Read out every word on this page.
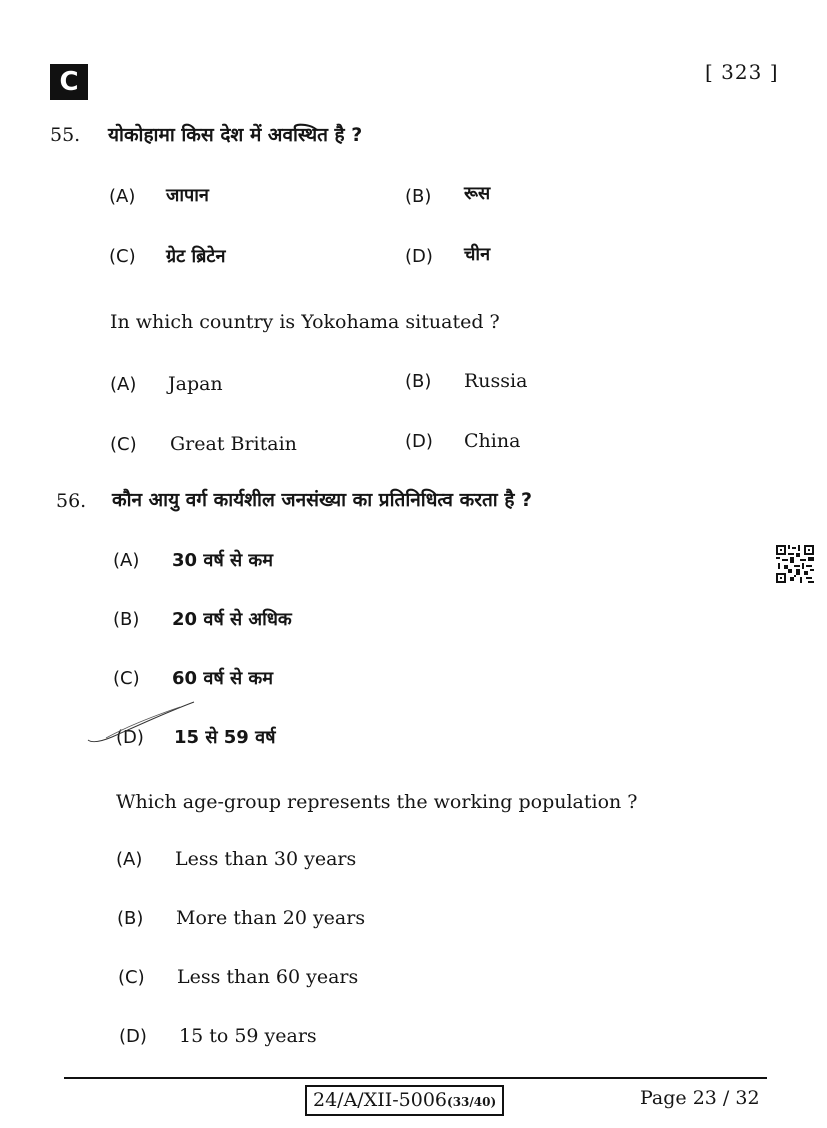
C	[ 323 ]
55. योकोहामा किस देश में अवस्थित है ?
(A) जापान	(B) रूस
(C) ग्रेट ब्रिटेन	(D) चीन
In which country is Yokohama situated ?
(A) Japan	(B) Russia
(C) Great Britain	(D) China
56. कौन आयु वर्ग कार्यशील जनसंख्या का प्रतिनिधित्व करता है ?
(A) 30 वर्ष से कम
(B) 20 वर्ष से अधिक
(C) 60 वर्ष से कम
(D) 15 से 59 वर्ष
Which age-group represents the working population ?
(A) Less than 30 years
(B) More than 20 years
(C) Less than 60 years
(D) 15 to 59 years
24/A/XII-5006(33/40)	Page 23 / 32
